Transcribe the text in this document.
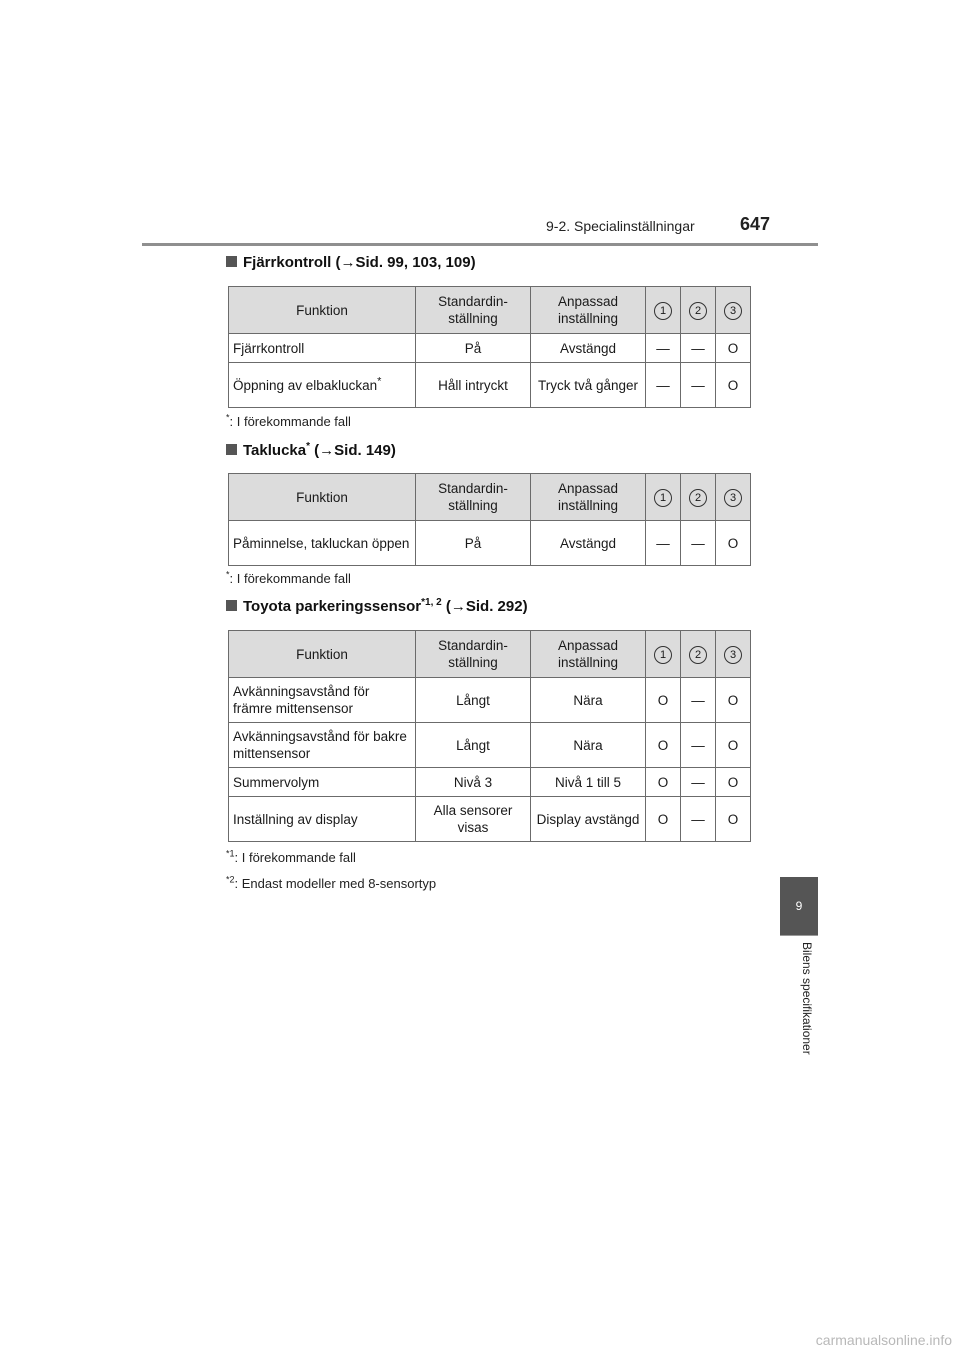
9-2. Specialinställningar	647
9
Bilens specifikationer
Fjärrkontroll (→Sid. 99, 103, 109)
Funktion	Standardin-ställning	Anpassad inställning	1	2	3
Fjärrkontroll	På	Avstängd	—	—	O
Öppning av elbakluckan*	Håll intryckt	Tryck två gånger	—	—	O
*: I förekommande fall
Taklucka* (→Sid. 149)
Funktion	Standardin-ställning	Anpassad inställning	1	2	3
Påminnelse, takluckan öppen	På	Avstängd	—	—	O
*: I förekommande fall
Toyota parkeringssensor$^{*1, 2}$ (→Sid. 292)
Funktion	Standardin-ställning	Anpassad inställning	1	2	3
Avkänningsavstånd för främre mittensensor	Långt	Nära	O	—	O
Avkänningsavstånd för bakre mittensensor	Långt	Nära	O	—	O
Summervolym	Nivå 3	Nivå 1 till 5	O	—	O
Inställning av display	Alla sensorer visas	Display avstängd	O	—	O
$^{*1}$: I förekommande fall
$^{*2}$: Endast modeller med 8-sensortyp
carmanualsonline.info
